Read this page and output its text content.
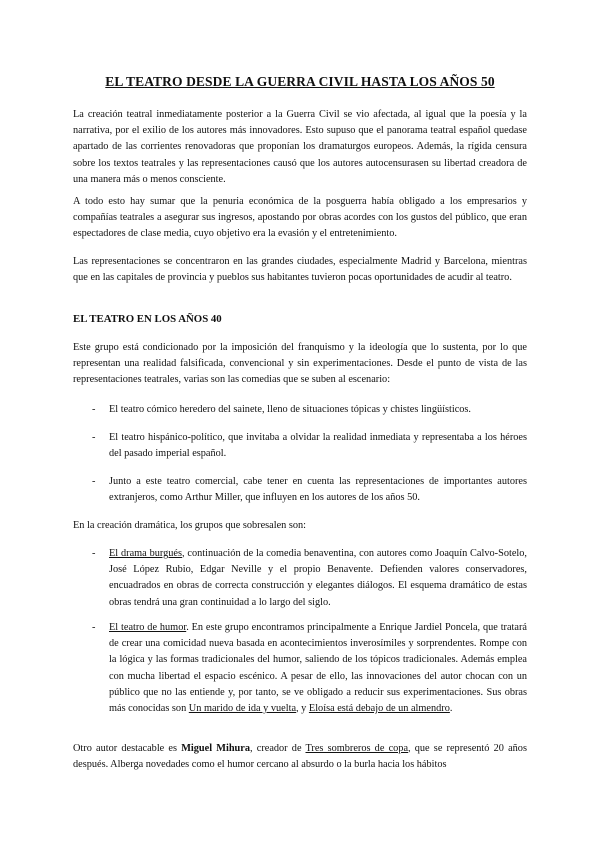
EL TEATRO DESDE LA GUERRA CIVIL HASTA LOS AÑOS 50

La creación teatral inmediatamente posterior a la Guerra Civil se vio afectada, al igual que la poesía y la narrativa, por el exilio de los autores más innovadores. Esto supuso que el panorama teatral español quedase apartado de las corrientes renovadoras que proponían los dramaturgos europeos. Además, la rígida censura sobre los textos teatrales y las representaciones causó que los autores autocensurasen su libertad creadora de una manera más o menos consciente.

A todo esto hay sumar que la penuria económica de la posguerra había obligado a los empresarios y compañías teatrales a asegurar sus ingresos, apostando por obras acordes con los gustos del público, que eran espectadores de clase media, cuyo objetivo era la evasión y el entretenimiento.

Las representaciones se concentraron en las grandes ciudades, especialmente Madrid y Barcelona, mientras que en las capitales de provincia y pueblos sus habitantes tuvieron pocas oportunidades de acudir al teatro.

EL TEATRO EN LOS AÑOS 40

Este grupo está condicionado por la imposición del franquismo y la ideología que lo sustenta, por lo que representan una realidad falsificada, convencional y sin experimentaciones. Desde el punto de vista de las representaciones teatrales, varias son las comedias que se suben al escenario:

-	El teatro cómico heredero del sainete, lleno de situaciones tópicas y chistes lingüísticos.

-	El teatro hispánico-político, que invitaba a olvidar la realidad inmediata y representaba a los héroes del pasado imperial español.

-	Junto a este teatro comercial, cabe tener en cuenta las representaciones de importantes autores extranjeros, como Arthur Miller, que influyen en los autores de los años 50.

En la creación dramática, los grupos que sobresalen son:

-	El drama burgués, continuación de la comedia benaventina, con autores como Joaquín Calvo-Sotelo, José López Rubio, Edgar Neville y el propio Benavente. Defienden valores conservadores, encuadrados en obras de correcta construcción y elegantes diálogos. El esquema dramático de estas obras tendrá una gran continuidad a lo largo del siglo.

-	El teatro de humor. En este grupo encontramos principalmente a Enrique Jardiel Poncela, que tratará de crear una comicidad nueva basada en acontecimientos inverosímiles y sorprendentes. Rompe con la lógica y las formas tradicionales del humor, saliendo de los tópicos tradicionales. Además emplea con mucha libertad el espacio escénico. A pesar de ello, las innovaciones del autor chocan con un público que no las entiende y, por tanto, se ve obligado a reducir sus experimentaciones. Sus obras más conocidas son Un marido de ida y vuelta, y Eloísa está debajo de un almendro.

Otro autor destacable es Miguel Mihura, creador de Tres sombreros de copa, que se representó 20 años después. Alberga novedades como el humor cercano al absurdo o la burla hacia los hábitos
